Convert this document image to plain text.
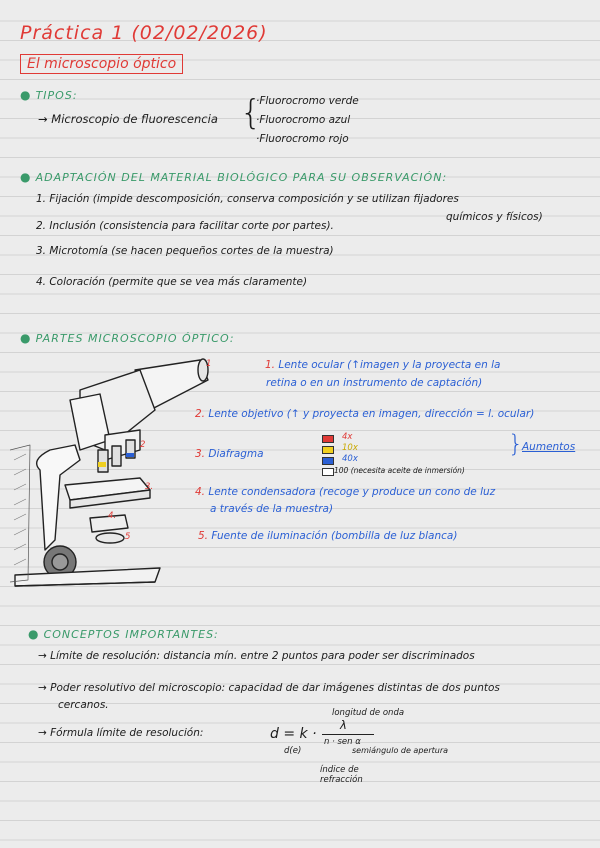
Práctica 1 (02/02/2026)
El microscopio óptico
● TIPOS:
→ Microscopio de fluorescencia {
·Fluorocromo verde
·Fluorocromo azul
·Fluorocromo rojo
● ADAPTACIÓN DEL MATERIAL BIOLÓGICO PARA SU OBSERVACIÓN:
1. Fijación (impide descomposición, conserva composición y se utilizan fijadores
químicos y físicos)
2. Inclusión (consistencia para facilitar corte por partes).
3. Microtomía (se hacen pequeños cortes de la muestra)
4. Coloración (permite que se vea más claramente)
● PARTES MICROSCOPIO ÓPTICO:
1
2
3.
4.
5
1. Lente ocular (↑imagen y la proyecta en la
retina o en un instrumento de captación)
2. Lente objetivo (↑ y proyecta en imagen, dirección = l. ocular)
3. Diafragma
4x
10x
40x
100 (necesita aceite de inmersión)
}
Aumentos
4. Lente condensadora (recoge y produce un cono de luz
a través de la muestra)
5. Fuente de iluminación (bombilla de luz blanca)
● CONCEPTOS IMPORTANTES:
→ Límite de resolución: distancia mín. entre 2 puntos para poder ser discriminados
→ Poder resolutivo del microscopio: capacidad de dar imágenes distintas de dos puntos
cercanos.
→ Fórmula límite de resolución:	d = k ·
λ
n · sen α
longitud de onda
semiángulo de apertura
d(e)
índice de refracción
